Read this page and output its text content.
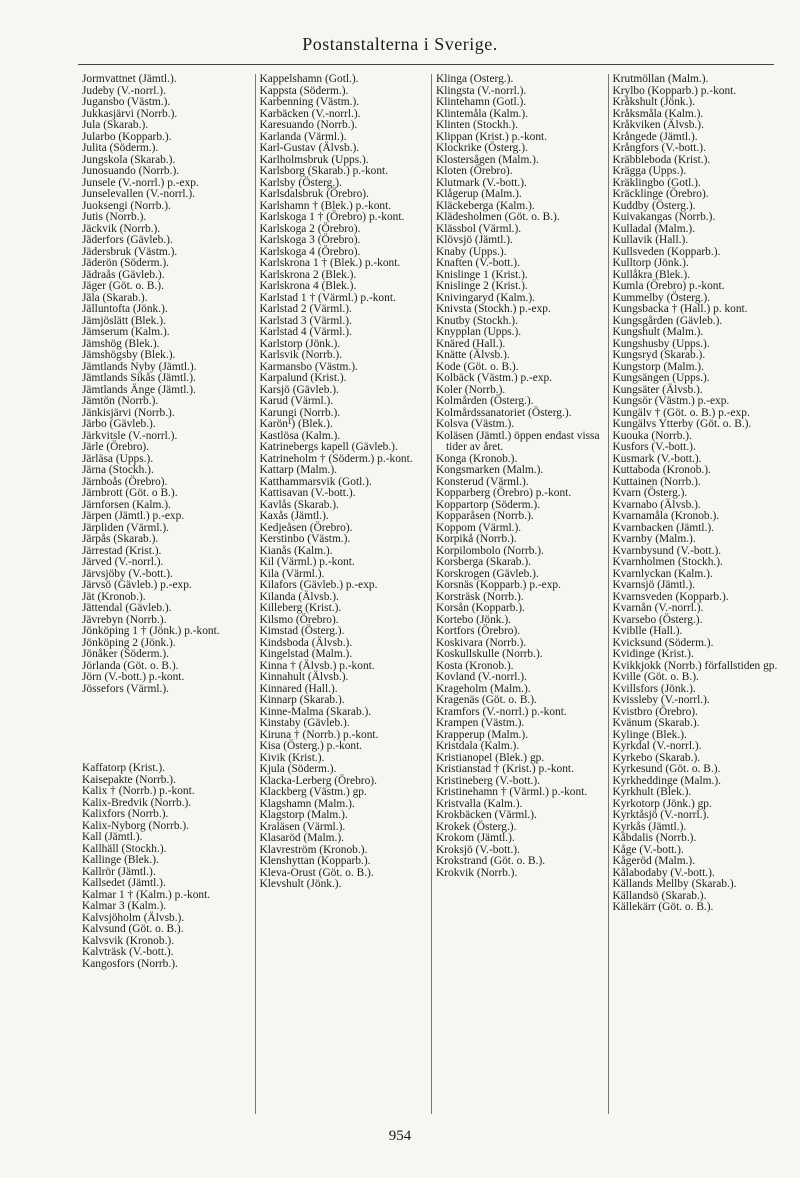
Postanstalterna i Sverige.
Jormvattnet (Jämtl.).
Judeby (V.-norrl.).
Jugansbo (Västm.).
Jukkasjärvi (Norrb.).
Jula (Skarab.).
Jularbo (Kopparb.).
Julita (Söderm.).
Jungskola (Skarab.).
Junosuando (Norrb.).
Junsele (V.-norrl.) p.-exp.
Junselevallen (V.-norrl.).
Juoksengi (Norrb.).
Jutis (Norrb.).
Jäckvik (Norrb.).
Jäderfors (Gävleb.).
Jädersbruk (Västm.).
Jäderön (Söderm.).
Jädraås (Gävleb.).
Jäger (Göt. o. B.).
Jäla (Skarab.).
Jälluntofta (Jönk.).
Jämjöslätt (Blek.).
Jämserum (Kalm.).
Jämshög (Blek.).
Jämshögsby (Blek.).
Jämtlands Nyby (Jämtl.).
Jämtlands Sikås (Jämtl.).
Jämtlands Änge (Jämtl.).
Jämtön (Norrb.).
Jänkisjärvi (Norrb.).
Järbo (Gävleb.).
Järkvitsle (V.-norrl.).
Järle (Örebro).
Järläsa (Upps.).
Järna (Stockh.).
Järnboås (Örebro).
Järnbrott (Göt. o B.).
Järnforsen (Kalm.).
Järpen (Jämtl.) p.-exp.
Järpliden (Värml.).
Järpås (Skarab.).
Järrestad (Krist.).
Järved (V.-norrl.).
Järvsjöby (V.-bott.).
Järvsö (Gävleb.) p.-exp.
Jät (Kronob.).
Jättendal (Gävleb.).
Jävrebyn (Norrb.).
Jönköping 1 † (Jönk.) p.-kont.
Jönköping 2 (Jönk.).
Jönåker (Söderm.).
Jörlanda (Göt. o. B.).
Jörn (V.-bott.) p.-kont.
Jössefors (Värml.).
Kaffatorp (Krist.).
Kaisepakte (Norrb.).
Kalix † (Norrb.) p.-kont.
Kalix-Bredvik (Norrb.).
Kalixfors (Norrb.).
Kalix-Nyborg (Norrb.).
Kall (Jämtl.).
Kallhäll (Stockh.).
Kallinge (Blek.).
Kallrör (Jämtl.).
Kallsedet (Jämtl.).
Kalmar 1 † (Kalm.) p.-kont.
Kalmar 3 (Kalm.).
Kalvsjöholm (Älvsb.).
Kalvsund (Göt. o. B.).
Kalvsvik (Kronob.).
Kalvträsk (V.-bott.).
Kangosfors (Norrb.).
Kappelshamn (Gotl.).
Kappsta (Söderm.).
Karbenning (Västm.).
Karbäcken (V.-norrl.).
Karesuando (Norrb.).
Karlanda (Värml.).
Karl-Gustav (Älvsb.).
Karlholmsbruk (Upps.).
Karlsborg (Skarab.) p.-kont.
Karlsby (Österg.).
Karlsdalsbruk (Örebro).
Karlshamn † (Blek.) p.-kont.
Karlskoga 1 † (Örebro) p.-kont.
Karlskoga 2 (Örebro).
Karlskoga 3 (Örebro).
Karlskoga 4 (Örebro).
Karlskrona 1 † (Blek.) p.-kont.
Karlskrona 2 (Blek.).
Karlskrona 4 (Blek.).
Karlstad 1 † (Värml.) p.-kont.
Karlstad 2 (Värml.).
Karlstad 3 (Värml.).
Karlstad 4 (Värml.).
Karlstorp (Jönk.).
Karlsvik (Norrb.).
Karmansbo (Västm.).
Karpalund (Krist.).
Karsjö (Gävleb.).
Karud (Värml.).
Karungi (Norrb.).
Karön¹) (Blek.).
Kastlösa (Kalm.).
Katrinebergs kapell (Gävleb.).
Katrineholm † (Söderm.) p.-kont.
Kattarp (Malm.).
Katthammarsvik (Gotl.).
Kattisavan (V.-bott.).
Kavlås (Skarab.).
Kaxås (Jämtl.).
Kedjeåsen (Örebro).
Kerstinbo (Västm.).
Kianås (Kalm.).
Kil (Värml.) p.-kont.
Kila (Värml.).
Kilafors (Gävleb.) p.-exp.
Kilanda (Älvsb.).
Killeberg (Krist.).
Kilsmo (Örebro).
Kimstad (Österg.).
Kindsboda (Älvsb.).
Kingelstad (Malm.).
Kinna † (Älvsb.) p.-kont.
Kinnahult (Älvsb.).
Kinnared (Hall.).
Kinnarp (Skarab.).
Kinne-Malma (Skarab.).
Kinstaby (Gävleb.).
Kiruna † (Norrb.) p.-kont.
Kisa (Österg.) p.-kont.
Kivik (Krist.).
Kjula (Söderm.).
Klacka-Lerberg (Örebro).
Klackberg (Västm.) gp.
Klagshamn (Malm.).
Klagstorp (Malm.).
Kraläsen (Värml.).
Klasaröd (Malm.).
Klavreström (Kronob.).
Klenshyttan (Kopparb.).
Kleva-Orust (Göt. o. B.).
Klevshult (Jönk.).
Klinga (Österg.).
Klingsta (V.-norrl.).
Klintehamn (Gotl.).
Klintemåla (Kalm.).
Klinten (Stockh.).
Klippan (Krist.) p.-kont.
Klockrike (Österg.).
Klostersågen (Malm.).
Kloten (Örebro).
Klutmark (V.-bott.).
Klågerup (Malm.).
Kläckeberga (Kalm.).
Klädesholmen (Göt. o. B.).
Klässbol (Värml.).
Klövsjö (Jämtl.).
Knaby (Upps.).
Knaften (V.-bott.).
Knislinge 1 (Krist.).
Knislinge 2 (Krist.).
Knivingaryd (Kalm.).
Knivsta (Stockh.) p.-exp.
Knutby (Stockh.).
Knypplan (Upps.).
Knäred (Hall.).
Knätte (Älvsb.).
Kode (Göt. o. B.).
Kolbäck (Västm.) p.-exp.
Koler (Norrb.).
Kolmården (Österg.).
Kolmårdssanatoriet (Österg.).
Kolsva (Västm.).
Koläsen (Jämtl.) öppen endast vissa tider av året.
Konga (Kronob.).
Kongsmarken (Malm.).
Konsterud (Värml.).
Kopparberg (Örebro) p.-kont.
Koppartorp (Söderm.).
Kopparåsen (Norrb.).
Koppom (Värml.).
Korpikå (Norrb.).
Korpilombolo (Norrb.).
Korsberga (Skarab.).
Korskrogen (Gävleb.).
Korsnäs (Kopparb.) p.-exp.
Korsträsk (Norrb.).
Korsån (Kopparb.).
Kortebo (Jönk.).
Kortfors (Örebro).
Koskivara (Norrb.).
Koskullskulle (Norrb.).
Kosta (Kronob.).
Kovland (V.-norrl.).
Krageholm (Malm.).
Kragenäs (Göt. o. B.).
Kramfors (V.-norrl.) p.-kont.
Krampen (Västm.).
Krapperup (Malm.).
Kristdala (Kalm.).
Kristianopel (Blek.) gp.
Kristianstad † (Krist.) p.-kont.
Kristineberg (V.-bott.).
Kristinehamn † (Värml.) p.-kont.
Kristvalla (Kalm.).
Krokbäcken (Värml.).
Krokek (Österg.).
Krokom (Jämtl.).
Kroksjö (V.-bott.).
Krokstrand (Göt. o. B.).
Krokvik (Norrb.).
Krutmöllan (Malm.).
Krylbo (Kopparb.) p.-kont.
Kråkshult (Jönk.).
Kråksmåla (Kalm.).
Kråkviken (Älvsb.).
Krångede (Jämtl.).
Krångfors (V.-bott.).
Kräbbleboda (Krist.).
Krägga (Upps.).
Kräklingbo (Gotl.).
Kräcklinge (Örebro).
Kuddby (Österg.).
Kuivakangas (Norrb.).
Kulladal (Malm.).
Kullavik (Hall.).
Kullsveden (Kopparb.).
Kulltorp (Jönk.).
Kullåkra (Blek.).
Kumla (Örebro) p.-kont.
Kummelby (Österg.).
Kungsbacka † (Hall.) p. kont.
Kungsgården (Gävleb.).
Kungshult (Malm.).
Kungshusby (Upps.).
Kungsryd (Skarab.).
Kungstorp (Malm.).
Kungsängen (Upps.).
Kungsäter (Älvsb.).
Kungsör (Västm.) p.-exp.
Kungälv † (Göt. o. B.) p.-exp.
Kungälvs Ytterby (Göt. o. B.).
Kuouka (Norrb.).
Kusfors (V.-bott.).
Kusmark (V.-bott.).
Kuttaboda (Kronob.).
Kuttainen (Norrb.).
Kvarn (Österg.).
Kvarnabo (Älvsb.).
Kvarnamåla (Kronob.).
Kvarnbacken (Jämtl.).
Kvarnby (Malm.).
Kvarnbysund (V.-bott.).
Kvarnholmen (Stockh.).
Kvarnlyckan (Kalm.).
Kvarnsjö (Jämtl.).
Kvarnsveden (Kopparb.).
Kvarnån (V.-norrl.).
Kvarsebo (Österg.).
Kviblle (Hall.).
Kvicksund (Söderm.).
Kvidinge (Krist.).
Kvikkjokk (Norrb.) förfallstiden gp.
Kville (Göt. o. B.).
Kvillsfors (Jönk.).
Kvissleby (V.-norrl.).
Kvistbro (Örebro).
Kvänum (Skarab.).
Kylinge (Blek.).
Kyrkdal (V.-norrl.).
Kyrkebo (Skarab.).
Kyrkesund (Göt. o. B.).
Kyrkheddinge (Malm.).
Kyrkhult (Blek.).
Kyrkotorp (Jönk.) gp.
Kyrktåsjö (V.-norrl.).
Kyrkås (Jämtl.).
Kåbdalis (Norrb.).
Kåge (V.-bott.).
Kågeröd (Malm.).
Kålabodaby (V.-bott.).
Källands Mellby (Skarab.).
Källandsö (Skarab.).
Källekärr (Göt. o. B.).
954
